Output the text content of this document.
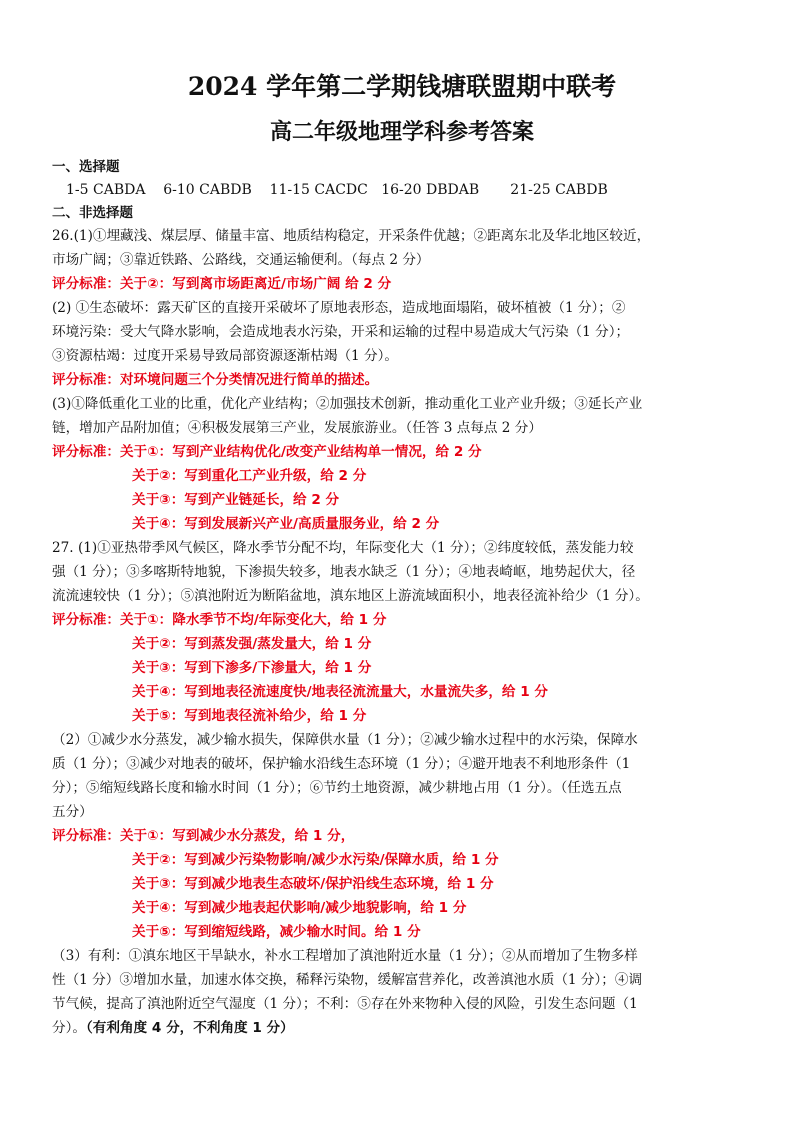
2024 学年第二学期钱塘联盟期中联考
高二年级地理学科参考答案

一、选择题

1-5 CABDA    6-10 CABDB    11-15 CACDC   16-20 DBDAB       21-25 CABDB

二、非选择题

26.(1)①埋藏浅、煤层厚、储量丰富、地质结构稳定，开采条件优越；②距离东北及华北地区较近，

市场广阔；③靠近铁路、公路线，交通运输便利。（每点 2 分）

评分标准：关于②：写到离市场距离近/市场广阔 给 2 分

(2) ①生态破坏：露天矿区的直接开采破坏了原地表形态，造成地面塌陷，破坏植被（1 分）；②

环境污染：受大气降水影响，会造成地表水污染，开采和运输的过程中易造成大气污染（1 分）；

③资源枯竭：过度开采易导致局部资源逐渐枯竭（1 分）。

评分标准：对环境问题三个分类情况进行简单的描述。

(3)①降低重化工业的比重，优化产业结构；②加强技术创新，推动重化工业产业升级；③延长产业

链，增加产品附加值；④积极发展第三产业，发展旅游业。（任答 3 点每点 2 分）

评分标准：关于①：写到产业结构优化/改变产业结构单一情况，给 2 分

关于②：写到重化工产业升级，给 2 分

关于③：写到产业链延长，给 2 分

关于④：写到发展新兴产业/高质量服务业，给 2 分

27. (1)①亚热带季风气候区，降水季节分配不均，年际变化大（1 分）；②纬度较低，蒸发能力较

强（1 分）；③多喀斯特地貌，下渗损失较多，地表水缺乏（1 分）；④地表崎岖，地势起伏大，径

流流速较快（1 分）；⑤滇池附近为断陷盆地，滇东地区上游流域面积小，地表径流补给少（1 分）。

评分标准：关于①：降水季节不均/年际变化大，给 1 分

关于②：写到蒸发强/蒸发量大，给 1 分

关于③：写到下渗多/下渗量大，给 1 分

关于④：写到地表径流速度快/地表径流流量大，水量流失多，给 1 分

关于⑤：写到地表径流补给少，给 1 分

（2）①减少水分蒸发，减少输水损失，保障供水量（1 分）；②减少输水过程中的水污染，保障水

质（1 分）；③减少对地表的破坏，保护输水沿线生态环境（1 分）；④避开地表不利地形条件（1

分）；⑤缩短线路长度和输水时间（1 分）；⑥节约土地资源，减少耕地占用（1 分）。（任选五点

五分）

评分标准：关于①：写到减少水分蒸发，给 1 分，

关于②：写到减少污染物影响/减少水污染/保障水质，给 1 分

关于③：写到减少地表生态破坏/保护沿线生态环境，给 1 分

关于④：写到减少地表起伏影响/减少地貌影响，给 1 分

关于⑤：写到缩短线路，减少输水时间。给 1 分

（3）有利：①滇东地区干旱缺水，补水工程增加了滇池附近水量（1 分）；②从而增加了生物多样

性（1 分）③增加水量，加速水体交换，稀释污染物，缓解富营养化，改善滇池水质（1 分）；④调

节气候，提高了滇池附近空气湿度（1 分）；不利：⑤存在外来物种入侵的风险，引发生态问题（1

分）。（有利角度 4 分，不利角度 1 分）
